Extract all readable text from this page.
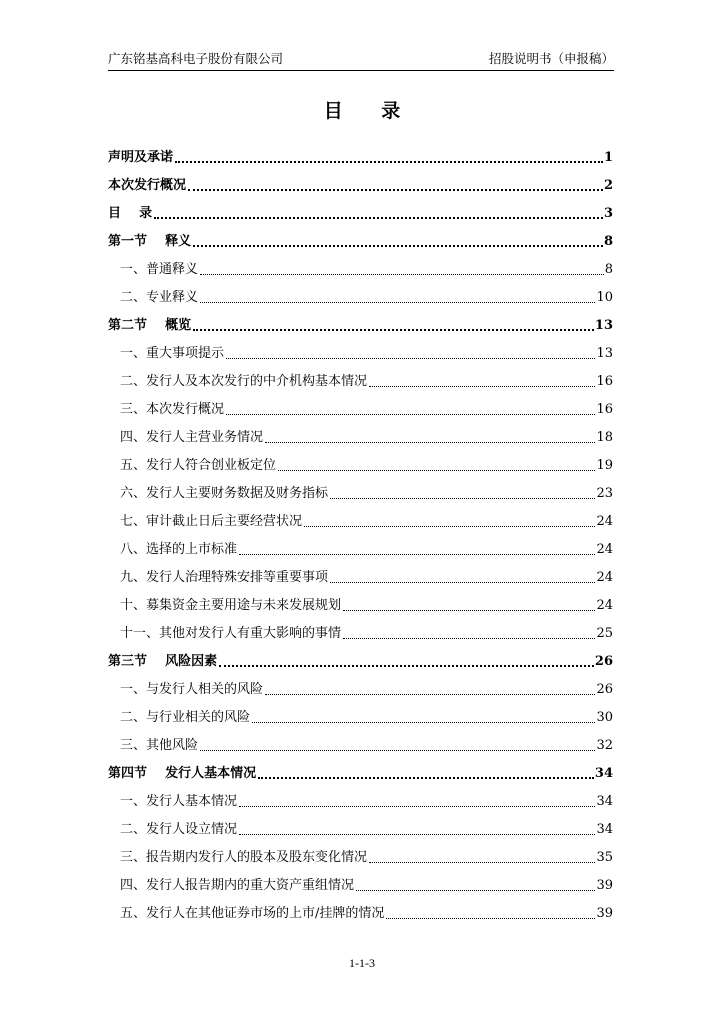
广东铭基高科电子股份有限公司	招股说明书（申报稿）
目 录
声明及承诺	1
本次发行概况	2
目    录	3
第一节    释义	8
一、普通释义	8
二、专业释义	10
第二节    概览	13
一、重大事项提示	13
二、发行人及本次发行的中介机构基本情况	16
三、本次发行概况	16
四、发行人主营业务情况	18
五、发行人符合创业板定位	19
六、发行人主要财务数据及财务指标	23
七、审计截止日后主要经营状况	24
八、选择的上市标准	24
九、发行人治理特殊安排等重要事项	24
十、募集资金主要用途与未来发展规划	24
十一、其他对发行人有重大影响的事情	25
第三节    风险因素	26
一、与发行人相关的风险	26
二、与行业相关的风险	30
三、其他风险	32
第四节    发行人基本情况	34
一、发行人基本情况	34
二、发行人设立情况	34
三、报告期内发行人的股本及股东变化情况	35
四、发行人报告期内的重大资产重组情况	39
五、发行人在其他证券市场的上市/挂牌的情况	39
1-1-3
